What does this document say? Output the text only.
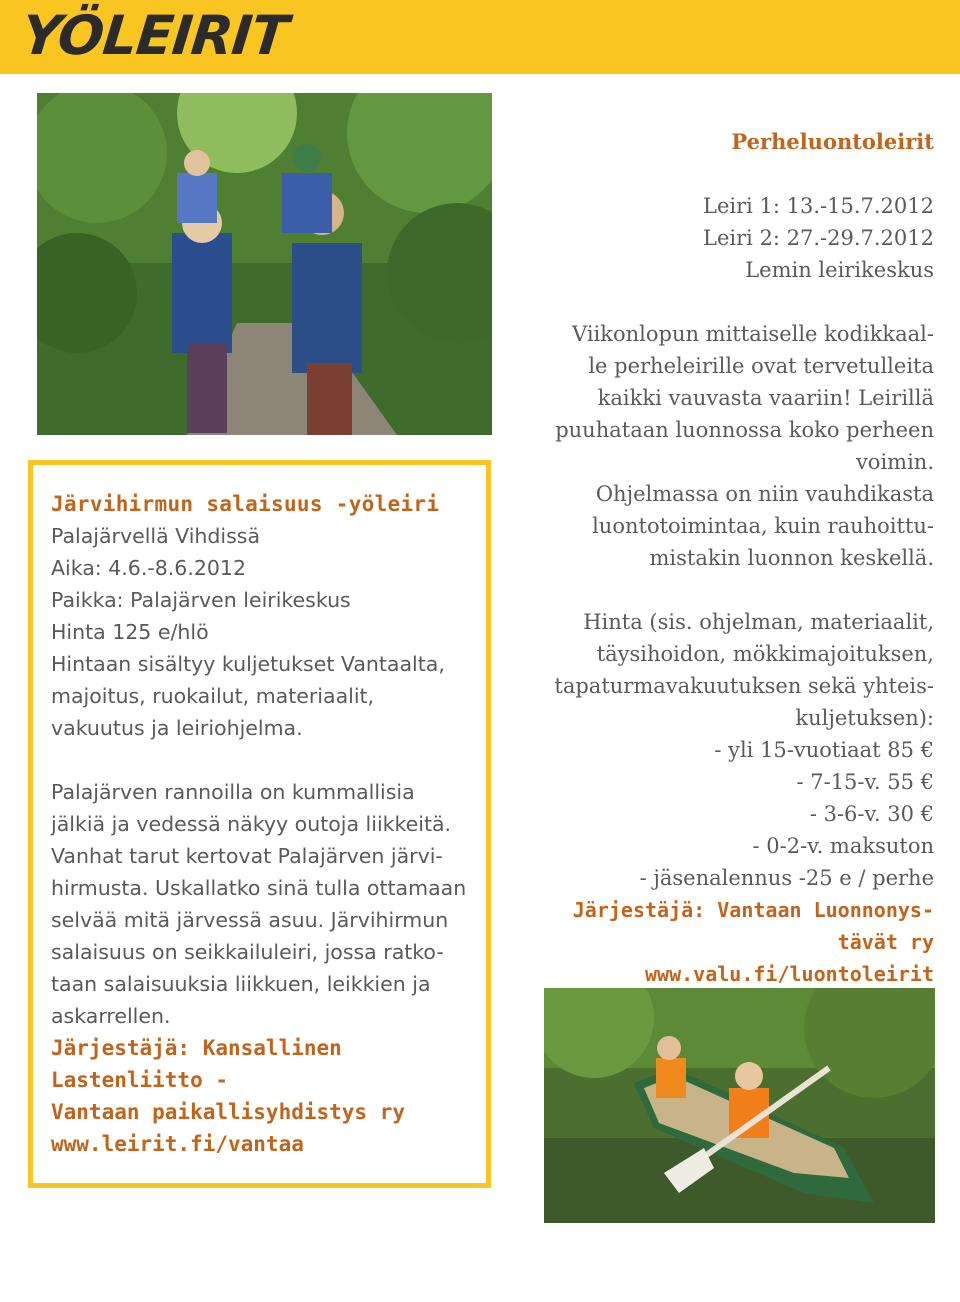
YÖLEIRIT

Järvihirmun salaisuus -yöleiri

Palajärvellä Vihdissä

Aika: 4.6.-8.6.2012

Paikka: Palajärven leirikeskus

Hinta 125 e/hlö

Hintaan sisältyy kuljetukset Vantaalta,

majoitus, ruokailut, materiaalit,

vakuutus ja leiriohjelma.

Palajärven rannoilla on kummallisia

jälkiä ja vedessä näkyy outoja liikkeitä.

Vanhat tarut kertovat Palajärven järvi-

hirmusta. Uskallatko sinä tulla ottamaan

selvää mitä järvessä asuu. Järvihirmun

salaisuus on seikkailuleiri, jossa ratko-

taan salaisuuksia liikkuen, leikkien ja

askarrellen.

Järjestäjä: Kansallinen Lastenliitto -

Vantaan paikallisyhdistys ry

www.leirit.fi/vantaa

Perheluontoleirit

Leiri 1: 13.-15.7.2012

Leiri 2: 27.-29.7.2012

Lemin leirikeskus

Viikonlopun mittaiselle kodikkaal-

le perheleirille ovat tervetulleita

kaikki vauvasta vaariin! Leirillä

puuhataan luonnossa koko perheen

voimin.

Ohjelmassa on niin vauhdikasta

luontotoimintaa, kuin rauhoittu-

mistakin luonnon keskellä.

Hinta (sis. ohjelman, materiaalit,

täysihoidon, mökkimajoituksen,

tapaturmavakuutuksen sekä yhteis-

kuljetuksen):

- yli 15-vuotiaat 85 €

- 7-15-v. 55 €

- 3-6-v. 30 €

- 0-2-v. maksuton

- jäsenalennus -25 e / perhe

Järjestäjä: Vantaan Luonnonys-

tävät ry

www.valu.fi/luontoleirit
